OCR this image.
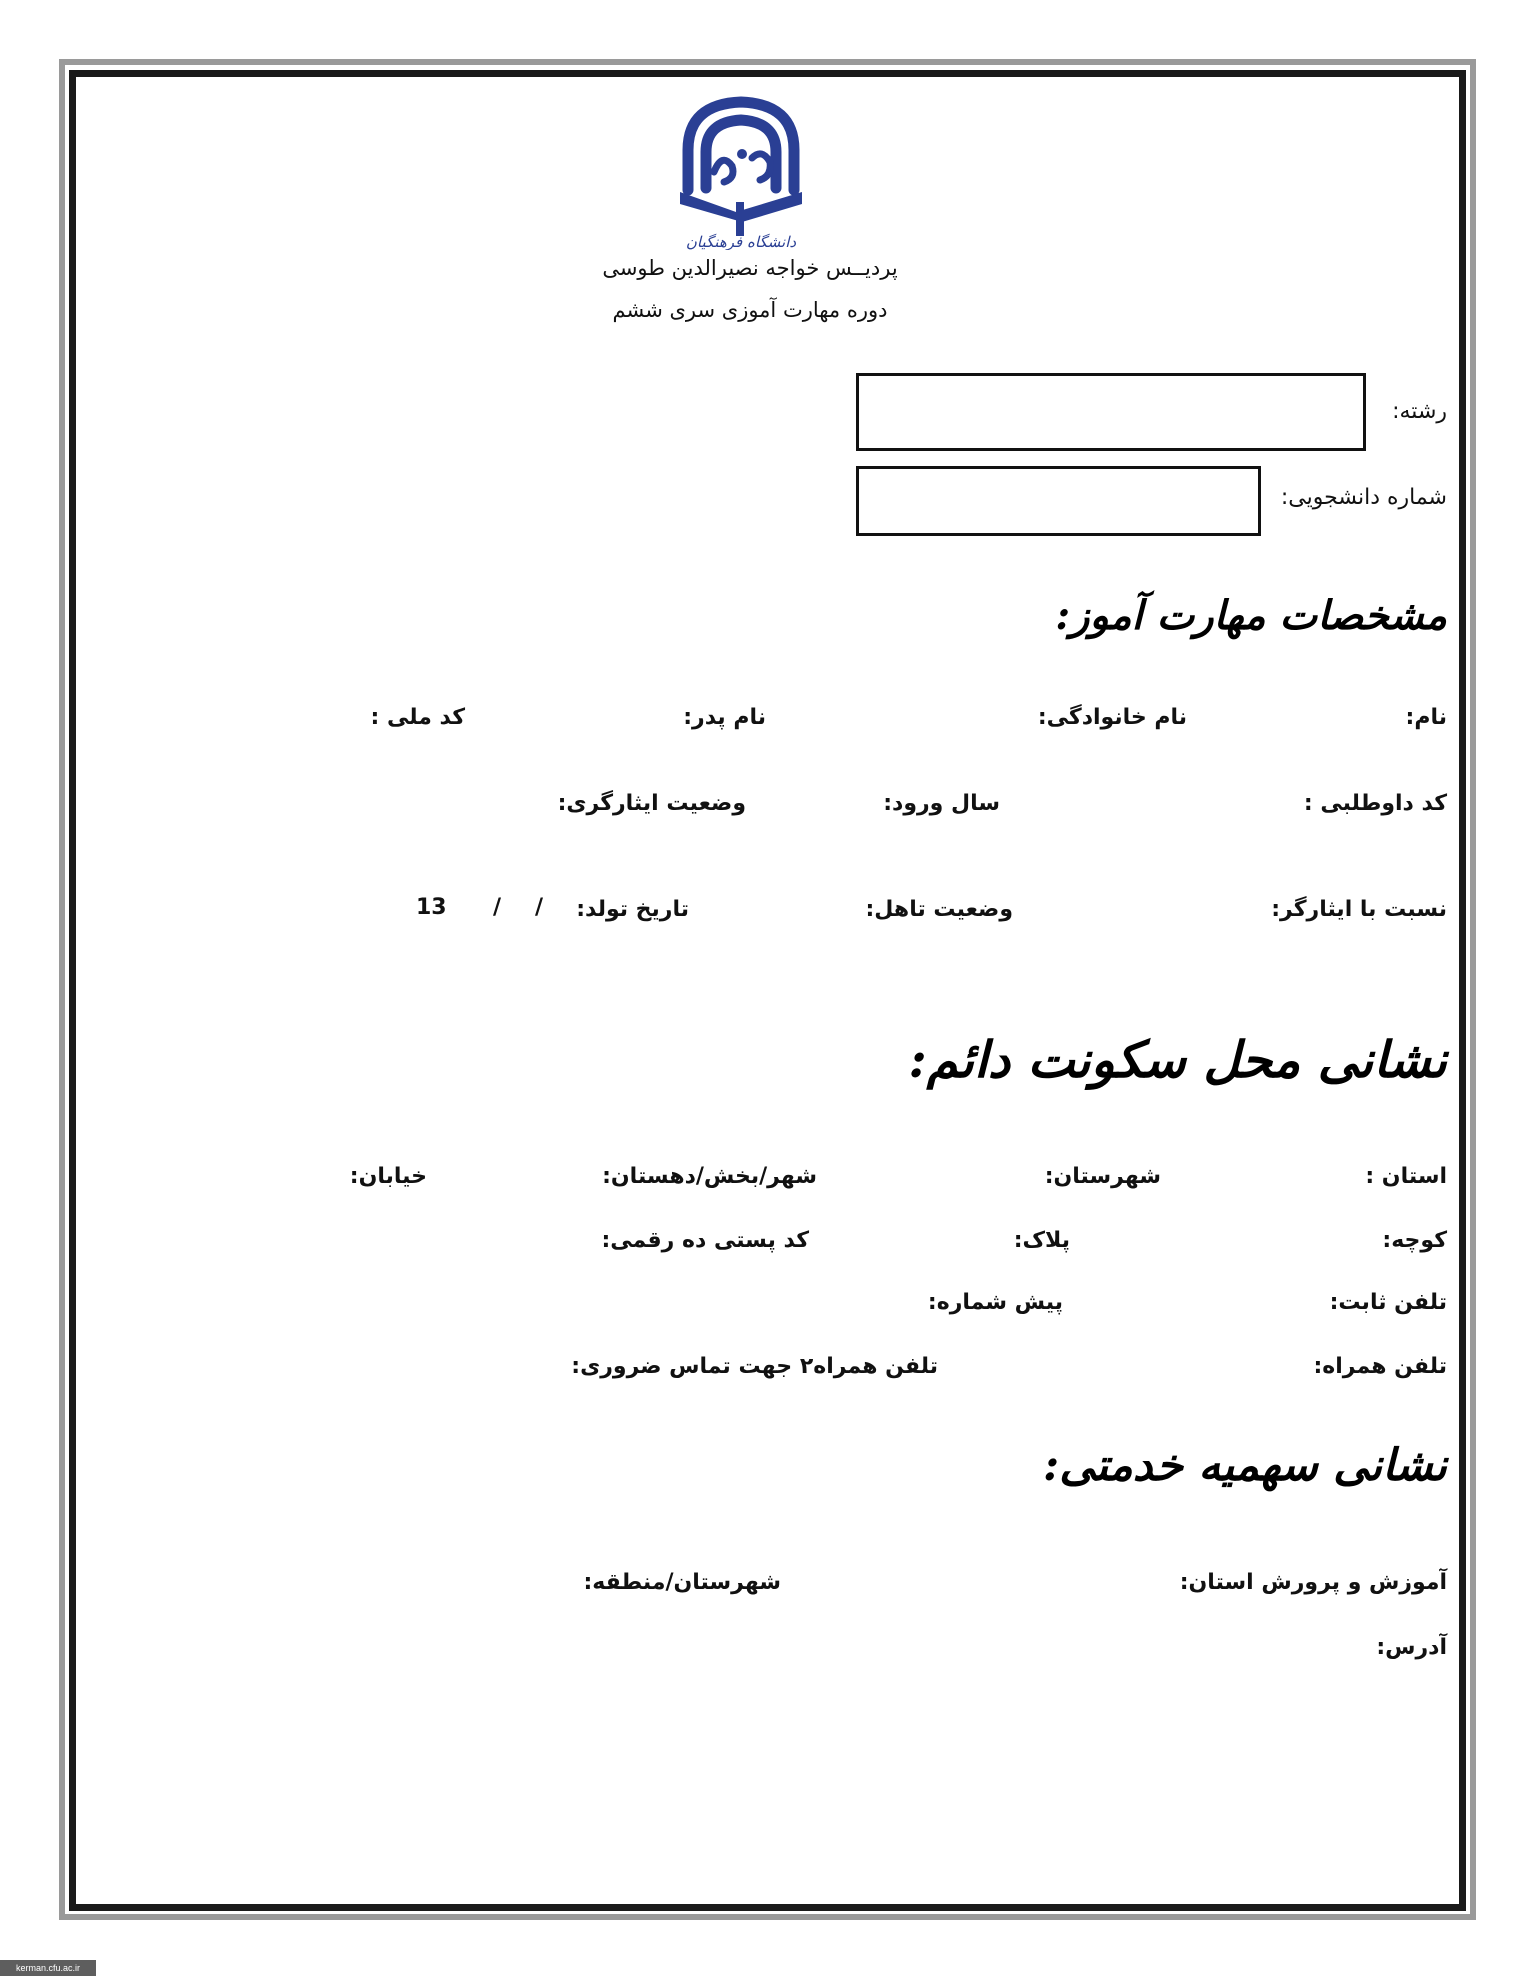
دانشگاه فرهنگیان
پردیــس خواجه نصیرالدین طوسی
دوره مهارت آموزی سری ششم
رشته:
شماره دانشجویی:
مشخصات مهارت آموز:
نام:
نام خانوادگی:
نام پدر:
کد ملی :
کد داوطلبی :
سال ورود:
وضعیت ایثارگری:
نسبت با ایثارگر:
وضعیت تاهل:
تاریخ تولد:
/
/
13
نشانی محل سکونت دائم:
استان :
شهرستان:
شهر/بخش/دهستان:
خیابان:
کوچه:
پلاک:
کد پستی ده رقمی:
تلفن ثابت:
پیش شماره:
تلفن همراه:
تلفن همراه۲ جهت تماس ضروری:
نشانی سهمیه خدمتی:
آموزش و پرورش استان:
شهرستان/منطقه:
آدرس:
kerman.cfu.ac.ir
